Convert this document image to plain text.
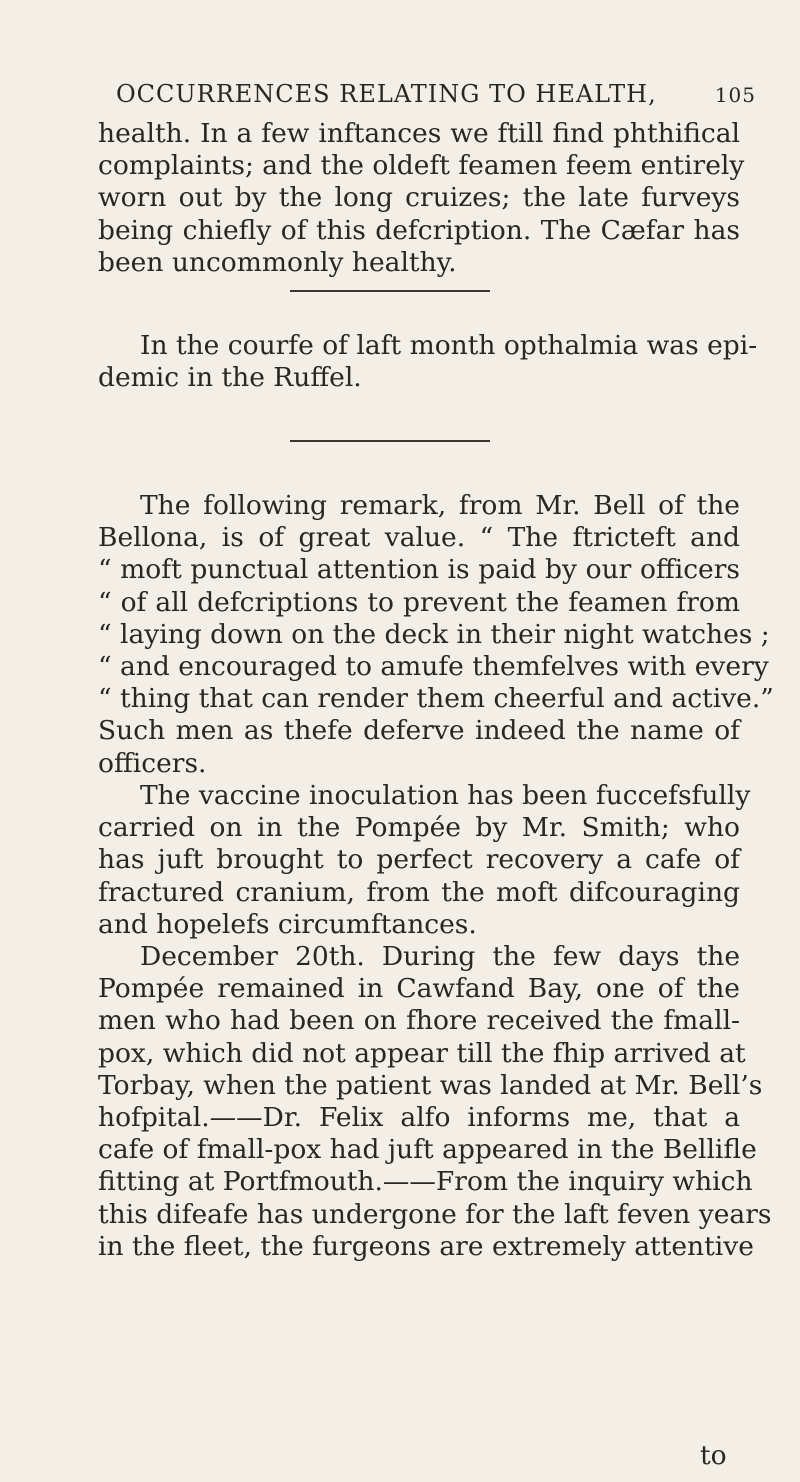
OCCURRENCES RELATING TO HEALTH,	105
health. In a few inftances we ftill find phthifical
complaints; and the oldeft feamen feem entirely
worn out by the long cruizes; the late furveys
being chiefly of this defcription. The Cæfar has
been uncommonly healthy.
In the courfe of laft month opthalmia was epi-
demic in the Ruffel.
The following remark, from Mr. Bell of the
Bellona, is of great value. “ The ftricteft and
“ moft punctual attention is paid by our officers
“ of all defcriptions to prevent the feamen from
“ laying down on the deck in their night watches ;
“ and encouraged to amufe themfelves with every
“ thing that can render them cheerful and active.”
Such men as thefe deferve indeed the name of
officers.
The vaccine inoculation has been fuccefsfully
carried on in the Pompée by Mr. Smith; who
has juft brought to perfect recovery a cafe of
fractured cranium, from the moft difcouraging
and hopelefs circumftances.
December 20th. During the few days the
Pompée remained in Cawfand Bay, one of the
men who had been on fhore received the fmall-
pox, which did not appear till the fhip arrived at
Torbay, when the patient was landed at Mr. Bell’s
hofpital.——Dr. Felix alfo informs me, that a
cafe of fmall-pox had juft appeared in the Bellifle
fitting at Portfmouth.——From the inquiry which
this difeafe has undergone for the laft feven years
in the fleet, the furgeons are extremely attentive
to
